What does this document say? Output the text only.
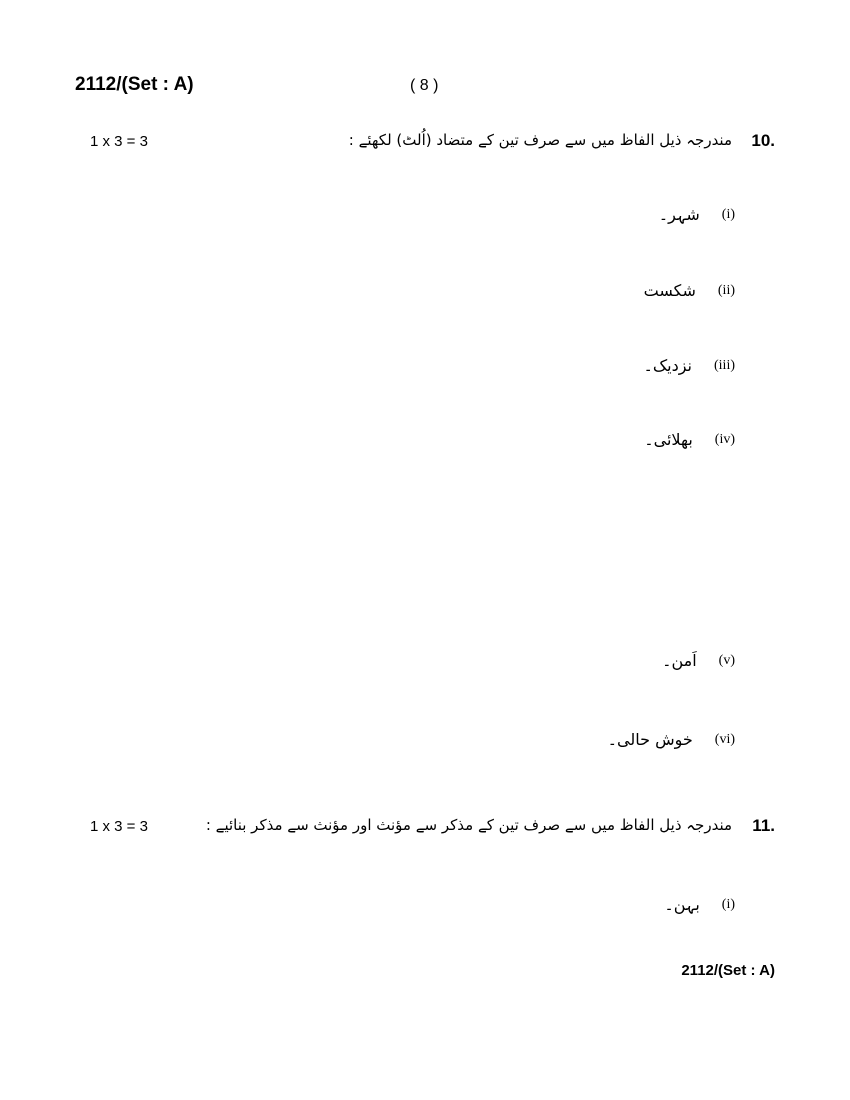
2112/(Set : A)	( 8 )
1 x 3 = 3	مندرجہ ذیل الفاظ میں سے صرف تین کے متضاد (اُلٹ) لکھئے : 10.
(i)
شہر۔
(ii)
شکست
(iii)
نزدیک۔
(iv)
بھلائی۔
(v)
اَمن۔
(vi)
خوش حالی۔
1 x 3 = 3	مندرجہ ذیل الفاظ میں سے صرف تین کے مذکر سے مؤنث اور مؤنث سے مذکر بنائیے : 11.
(i)
بہن۔
2112/(Set : A)
